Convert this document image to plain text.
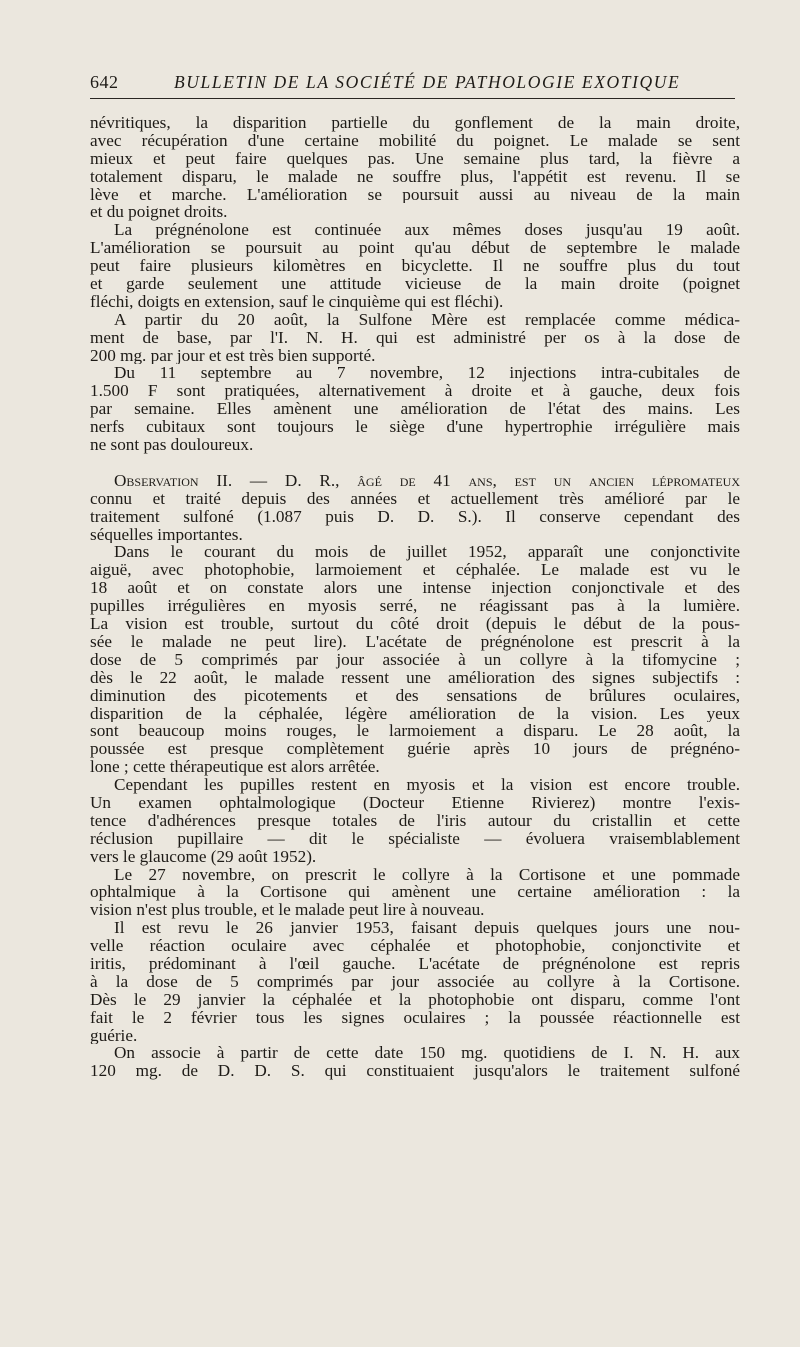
642	BULLETIN DE LA SOCIÉTÉ DE PATHOLOGIE EXOTIQUE
névritiques, la disparition partielle du gonflement de la main droite,
avec récupération d'une certaine mobilité du poignet. Le malade se sent
mieux et peut faire quelques pas. Une semaine plus tard, la fièvre a
totalement disparu, le malade ne souffre plus, l'appétit est revenu. Il se
lève et marche. L'amélioration se poursuit aussi au niveau de la main
et du poignet droits.
La prégnénolone est continuée aux mêmes doses jusqu'au 19 août.
L'amélioration se poursuit au point qu'au début de septembre le malade
peut faire plusieurs kilomètres en bicyclette. Il ne souffre plus du tout
et garde seulement une attitude vicieuse de la main droite (poignet
fléchi, doigts en extension, sauf le cinquième qui est fléchi).
A partir du 20 août, la Sulfone Mère est remplacée comme médica-
ment de base, par l'I. N. H. qui est administré per os à la dose de
200 mg. par jour et est très bien supporté.
Du 11 septembre au 7 novembre, 12 injections intra-cubitales de
1.500 F sont pratiquées, alternativement à droite et à gauche, deux fois
par semaine. Elles amènent une amélioration de l'état des mains. Les
nerfs cubitaux sont toujours le siège d'une hypertrophie irrégulière mais
ne sont pas douloureux.
Observation II. — D. R., âgé de 41 ans, est un ancien lépromateux
connu et traité depuis des années et actuellement très amélioré par le
traitement sulfoné (1.087 puis D. D. S.). Il conserve cependant des
séquelles importantes.
Dans le courant du mois de juillet 1952, apparaît une conjonctivite
aiguë, avec photophobie, larmoiement et céphalée. Le malade est vu le
18 août et on constate alors une intense injection conjonctivale et des
pupilles irrégulières en myosis serré, ne réagissant pas à la lumière.
La vision est trouble, surtout du côté droit (depuis le début de la pous-
sée le malade ne peut lire). L'acétate de prégnénolone est prescrit à la
dose de 5 comprimés par jour associée à un collyre à la tifomycine ;
dès le 22 août, le malade ressent une amélioration des signes subjectifs :
diminution des picotements et des sensations de brûlures oculaires,
disparition de la céphalée, légère amélioration de la vision. Les yeux
sont beaucoup moins rouges, le larmoiement a disparu. Le 28 août, la
poussée est presque complètement guérie après 10 jours de prégnéno-
lone ; cette thérapeutique est alors arrêtée.
Cependant les pupilles restent en myosis et la vision est encore trouble.
Un examen ophtalmologique (Docteur Etienne Rivierez) montre l'exis-
tence d'adhérences presque totales de l'iris autour du cristallin et cette
réclusion pupillaire — dit le spécialiste — évoluera vraisemblablement
vers le glaucome (29 août 1952).
Le 27 novembre, on prescrit le collyre à la Cortisone et une pommade
ophtalmique à la Cortisone qui amènent une certaine amélioration : la
vision n'est plus trouble, et le malade peut lire à nouveau.
Il est revu le 26 janvier 1953, faisant depuis quelques jours une nou-
velle réaction oculaire avec céphalée et photophobie, conjonctivite et
iritis, prédominant à l'œil gauche. L'acétate de prégnénolone est repris
à la dose de 5 comprimés par jour associée au collyre à la Cortisone.
Dès le 29 janvier la céphalée et la photophobie ont disparu, comme l'ont
fait le 2 février tous les signes oculaires ; la poussée réactionnelle est
guérie.
On associe à partir de cette date 150 mg. quotidiens de I. N. H. aux
120 mg. de D. D. S. qui constituaient jusqu'alors le traitement sulfoné
